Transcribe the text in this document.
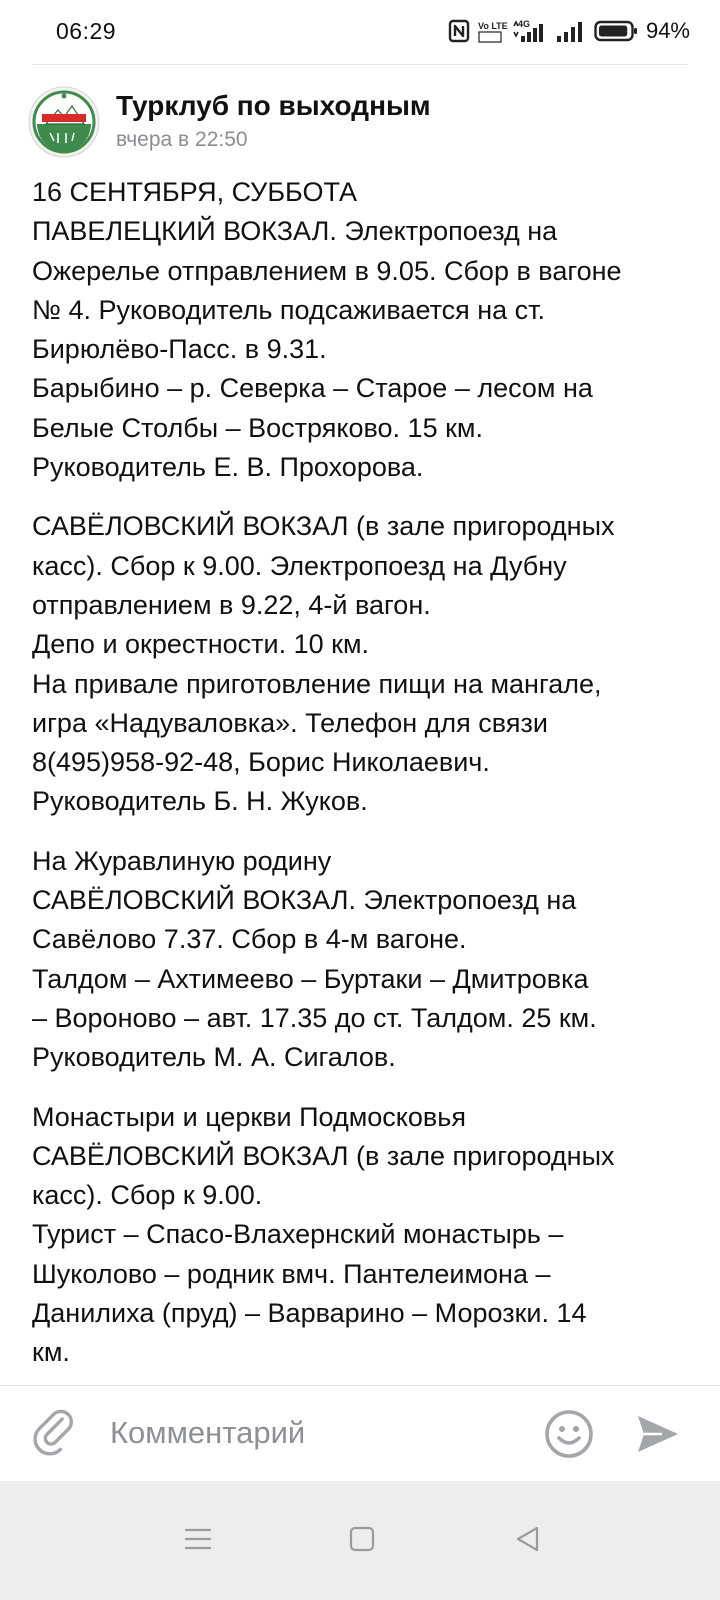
06:29	Vo LTE 4G	94%
Турклуб по выходным
вчера в 22:50
16 СЕНТЯБРЯ, СУББОТА
ПАВЕЛЕЦКИЙ ВОКЗАЛ. Электропоезд на
Ожерелье отправлением в 9.05. Сбор в вагоне
№ 4. Руководитель подсаживается на ст.
Бирюлёво-Пасс. в 9.31.
Барыбино – р. Северка – Старое – лесом на
Белые Столбы – Востряково. 15 км.
Руководитель Е. В. Прохорова.
САВЁЛОВСКИЙ ВОКЗАЛ (в зале пригородных
касс). Сбор к 9.00. Электропоезд на Дубну
отправлением в 9.22, 4-й вагон.
Депо и окрестности. 10 км.
На привале приготовление пищи на мангале,
игра «Надуваловка». Телефон для связи
8(495)958-92-48, Борис Николаевич.
Руководитель Б. Н. Жуков.
На Журавлиную родину
САВЁЛОВСКИЙ ВОКЗАЛ. Электропоезд на
Савёлово 7.37. Сбор в 4-м вагоне.
Талдом – Ахтимеево – Буртаки – Дмитровка
– Вороново – авт. 17.35 до ст. Талдом. 25 км.
Руководитель М. А. Сигалов.
Монастыри и церкви Подмосковья
САВЁЛОВСКИЙ ВОКЗАЛ (в зале пригородных
касс). Сбор к 9.00.
Турист – Спасо-Влахернский монастырь –
Шуколово – родник вмч. Пантелеимона –
Данилиха (пруд) – Варварино – Морозки. 14
км.
Комментарий
